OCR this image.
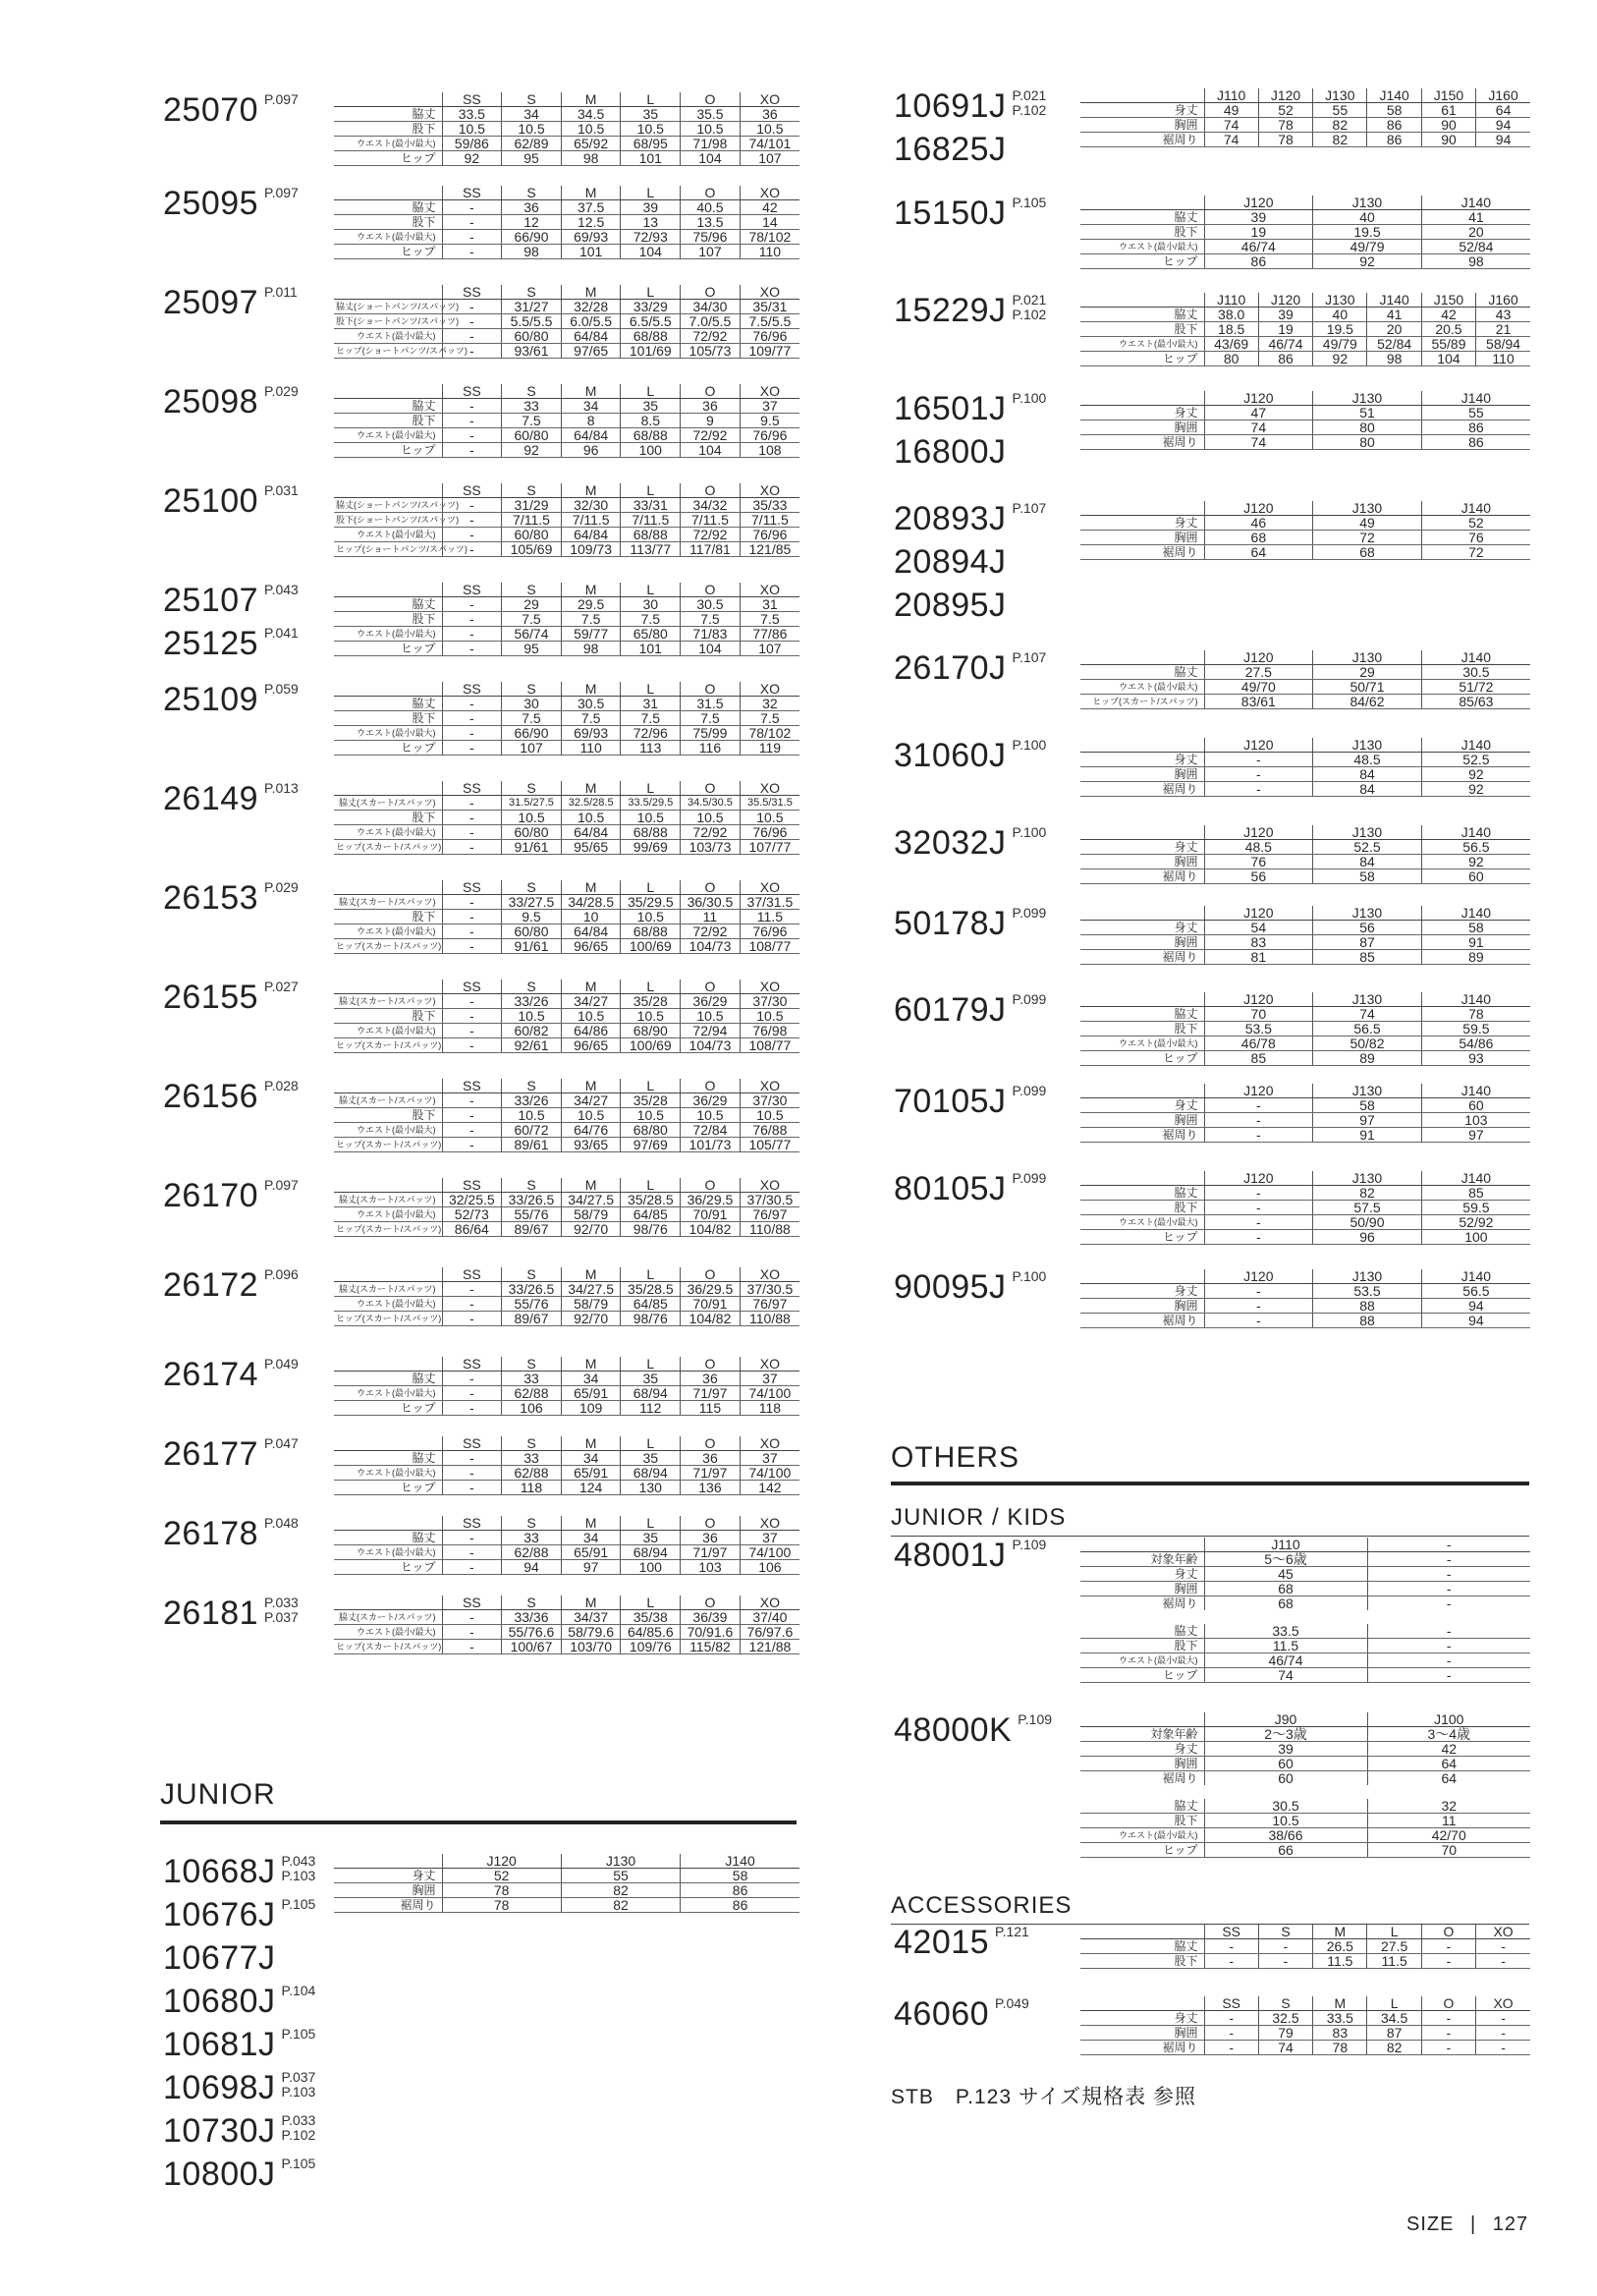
JUNIOR
OTHERS
JUNIOR / KIDS
ACCESSORIES
STB　P.123 サイズ規格表 参照
SIZE | 127
25070 P.097
		SS	S	M	L	O	XO
脇丈	33.5	34	34.5	35	35.5	36
股下	10.5	10.5	10.5	10.5	10.5	10.5
ウエスト(最小/最大)	59/86	62/89	65/92	68/95	71/98	74/101
ヒップ	92	95	98	101	104	107
25095 P.097
		SS	S	M	L	O	XO
脇丈	-	36	37.5	39	40.5	42
股下	-	12	12.5	13	13.5	14
ウエスト(最小/最大)	-	66/90	69/93	72/93	75/96	78/102
ヒップ	-	98	101	104	107	110
25097 P.011
		SS	S	M	L	O	XO
脇丈(ショートパンツ/スパッツ)	-	31/27	32/28	33/29	34/30	35/31
股下(ショートパンツ/スパッツ)	-	5.5/5.5	6.0/5.5	6.5/5.5	7.0/5.5	7.5/5.5
ウエスト(最小/最大)	-	60/80	64/84	68/88	72/92	76/96
ヒップ(ショートパンツ/スパッツ)	-	93/61	97/65	101/69	105/73	109/77
25098 P.029
		SS	S	M	L	O	XO
脇丈	-	33	34	35	36	37
股下	-	7.5	8	8.5	9	9.5
ウエスト(最小/最大)	-	60/80	64/84	68/88	72/92	76/96
ヒップ	-	92	96	100	104	108
25100 P.031
		SS	S	M	L	O	XO
脇丈(ショートパンツ/スパッツ)	-	31/29	32/30	33/31	34/32	35/33
股下(ショートパンツ/スパッツ)	-	7/11.5	7/11.5	7/11.5	7/11.5	7/11.5
ウエスト(最小/最大)	-	60/80	64/84	68/88	72/92	76/96
ヒップ(ショートパンツ/スパッツ)	-	105/69	109/73	113/77	117/81	121/85
25107 P.043
25125 P.041
	SS	S	M	L	O	XO
脇丈	-	29	29.5	30	30.5	31
股下	-	7.5	7.5	7.5	7.5	7.5
ウエスト(最小/最大)	-	56/74	59/77	65/80	71/83	77/86
ヒップ	-	95	98	101	104	107
25109 P.059
		SS	S	M	L	O	XO
脇丈	-	30	30.5	31	31.5	32
股下	-	7.5	7.5	7.5	7.5	7.5
ウエスト(最小/最大)	-	66/90	69/93	72/96	75/99	78/102
ヒップ	-	107	110	113	116	119
26149 P.013
		SS	S	M	L	O	XO
脇丈(スカート/スパッツ)	-	31.5/27.5	32.5/28.5	33.5/29.5	34.5/30.5	35.5/31.5
股下	-	10.5	10.5	10.5	10.5	10.5
ウエスト(最小/最大)	-	60/80	64/84	68/88	72/92	76/96
ヒップ(スカート/スパッツ)	-	91/61	95/65	99/69	103/73	107/77
26153 P.029
		SS	S	M	L	O	XO
脇丈(スカート/スパッツ)	-	33/27.5	34/28.5	35/29.5	36/30.5	37/31.5
股下	-	9.5	10	10.5	11	11.5
ウエスト(最小/最大)	-	60/80	64/84	68/88	72/92	76/96
ヒップ(スカート/スパッツ)	-	91/61	96/65	100/69	104/73	108/77
26155 P.027
		SS	S	M	L	O	XO
脇丈(スカート/スパッツ)	-	33/26	34/27	35/28	36/29	37/30
股下	-	10.5	10.5	10.5	10.5	10.5
ウエスト(最小/最大)	-	60/82	64/86	68/90	72/94	76/98
ヒップ(スカート/スパッツ)	-	92/61	96/65	100/69	104/73	108/77
26156 P.028
		SS	S	M	L	O	XO
脇丈(スカート/スパッツ)	-	33/26	34/27	35/28	36/29	37/30
股下	-	10.5	10.5	10.5	10.5	10.5
ウエスト(最小/最大)	-	60/72	64/76	68/80	72/84	76/88
ヒップ(スカート/スパッツ)	-	89/61	93/65	97/69	101/73	105/77
26170 P.097
		SS	S	M	L	O	XO
脇丈(スカート/スパッツ)	32/25.5	33/26.5	34/27.5	35/28.5	36/29.5	37/30.5
ウエスト(最小/最大)	52/73	55/76	58/79	64/85	70/91	76/97
ヒップ(スカート/スパッツ)	86/64	89/67	92/70	98/76	104/82	110/88
26172 P.096
		SS	S	M	L	O	XO
脇丈(スカート/スパッツ)	-	33/26.5	34/27.5	35/28.5	36/29.5	37/30.5
ウエスト(最小/最大)	-	55/76	58/79	64/85	70/91	76/97
ヒップ(スカート/スパッツ)	-	89/67	92/70	98/76	104/82	110/88
26174 P.049
		SS	S	M	L	O	XO
脇丈	-	33	34	35	36	37
ウエスト(最小/最大)	-	62/88	65/91	68/94	71/97	74/100
ヒップ	-	106	109	112	115	118
26177 P.047
		SS	S	M	L	O	XO
脇丈	-	33	34	35	36	37
ウエスト(最小/最大)	-	62/88	65/91	68/94	71/97	74/100
ヒップ	-	118	124	130	136	142
26178 P.048
		SS	S	M	L	O	XO
脇丈	-	33	34	35	36	37
ウエスト(最小/最大)	-	62/88	65/91	68/94	71/97	74/100
ヒップ	-	94	97	100	103	106
26181 P.033
P.037
	SS	S	M	L	O	XO
脇丈(スカート/スパッツ)	-	33/36	34/37	35/38	36/39	37/40
ウエスト(最小/最大)	-	55/76.6	58/79.6	64/85.6	70/91.6	76/97.6
ヒップ(スカート/スパッツ)	-	100/67	103/70	109/76	115/82	121/88
10668J P.043
P.103
10676J P.105
10677J
10680J P.104
10681J P.105
10698J P.037
P.103
10730J P.033
P.102
10800J P.105
	J120	J130	J140
身丈	52	55	58
胸囲	78	82	86
裾周り	78	82	86
10691J P.021
P.102
16825J
	J110	J120	J130	J140	J150	J160
身丈	49	52	55	58	61	64
胸囲	74	78	82	86	90	94
裾周り	74	78	82	86	90	94
15150J P.105
		J120	J130	J140
脇丈	39	40	41
股下	19	19.5	20
ウエスト(最小/最大)	46/74	49/79	52/84
ヒップ	86	92	98
15229J P.021
P.102
	J110	J120	J130	J140	J150	J160
脇丈	38.0	39	40	41	42	43
股下	18.5	19	19.5	20	20.5	21
ウエスト(最小/最大)	43/69	46/74	49/79	52/84	55/89	58/94
ヒップ	80	86	92	98	104	110
16501J P.100
16800J
	J120	J130	J140
身丈	47	51	55
胸囲	74	80	86
裾周り	74	80	86
20893J P.107
20894J
20895J
	J120	J130	J140
身丈	46	49	52
胸囲	68	72	76
裾周り	64	68	72
26170J P.107
		J120	J130	J140
脇丈	27.5	29	30.5
ウエスト(最小/最大)	49/70	50/71	51/72
ヒップ(スカート/スパッツ)	83/61	84/62	85/63
31060J P.100
		J120	J130	J140
身丈	-	48.5	52.5
胸囲	-	84	92
裾周り	-	84	92
32032J P.100
		J120	J130	J140
身丈	48.5	52.5	56.5
胸囲	76	84	92
裾周り	56	58	60
50178J P.099
		J120	J130	J140
身丈	54	56	58
胸囲	83	87	91
裾周り	81	85	89
60179J P.099
		J120	J130	J140
脇丈	70	74	78
股下	53.5	56.5	59.5
ウエスト(最小/最大)	46/78	50/82	54/86
ヒップ	85	89	93
70105J P.099
		J120	J130	J140
身丈	-	58	60
胸囲	-	97	103
裾周り	-	91	97
80105J P.099
		J120	J130	J140
脇丈	-	82	85
股下	-	57.5	59.5
ウエスト(最小/最大)	-	50/90	52/92
ヒップ	-	96	100
90095J P.100
		J120	J130	J140
身丈	-	53.5	56.5
胸囲	-	88	94
裾周り	-	88	94
48001J P.109
		J110	-
対象年齢	5〜6歳	-
身丈	45	-
胸囲	68	-
裾周り	68	-
脇丈	33.5	-
股下	11.5	-
ウエスト(最小/最大)	46/74	-
ヒップ	74	-
48000K P.109
		J90	J100
対象年齢	2〜3歳	3〜4歳
身丈	39	42
胸囲	60	64
裾周り	60	64
脇丈	30.5	32
股下	10.5	11
ウエスト(最小/最大)	38/66	42/70
ヒップ	66	70
42015 P.121
		SS	S	M	L	O	XO
脇丈	-	-	26.5	27.5	-	-
股下	-	-	11.5	11.5	-	-
46060 P.049
		SS	S	M	L	O	XO
身丈	-	32.5	33.5	34.5	-	-
胸囲	-	79	83	87	-	-
裾周り	-	74	78	82	-	-
